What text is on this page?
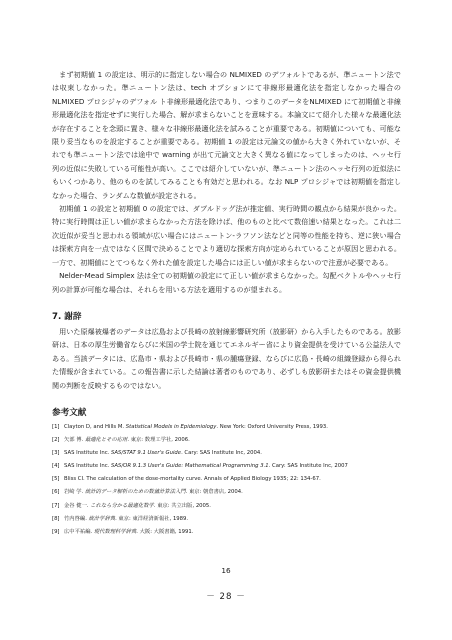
まず初期値 1 の設定は、明示的に指定しない場合の NLMIXED のデフォルトであるが、準ニュートン法では収束しなかった。準ニュートン法は、tech オプションにて非線形最適化法を指定しなかった場合の NLMIXED プロシジャのデフォル ト非線形最適化法であり、つまりこのデータをNLMIXED にて初期値と非線形最適化法を指定せずに実行した場合、解が求まらないことを意味する。本論文にて紹介した様々な最適化法が存在することを念頭に置き、様々な非線形最適化法を試みることが重要である。初期値についても、可能な限り妥当なものを設定することが重要である。初期値 1 の設定は元論文の値から大きく外れていないが、それでも準ニュートン法では途中で warning が出て元論文と大きく異なる値になってしまったのは、ヘッセ行列の近似に失敗している可能性が高い。ここでは紹介していないが、準ニュートン法のヘッセ行列の近似法にもいくつかあり、他のものを試してみることも有効だと思われる。なお NLP プロシジャでは初期値を指定しなかった場合、ランダムな数値が設定される。

初期値 1 の設定と初期値 0 の設定では、ダブルドッグ法が推定値、実行時間の観点から結果が良かった。特に実行時間は正しい値が求まらなかった方法を除けば、他のものと比べて数倍速い結果となった。これは二次近似が妥当と思われる領域が広い場合にはニュートン-ラフソン法などと同等の性能を持ち、逆に狭い場合は探索方向を一点ではなく区間で決めることでより適切な探索方向が定められていることが原因と思われる。一方で、初期値にとてつもなく外れた値を設定した場合には正しい値が求まらないので注意が必要である。

Nelder-Mead Simplex 法は全ての初期値の設定にて正しい値が求まらなかった。勾配ベクトルやヘッセ行列の計算が可能な場合は、それらを用いる方法を適用するのが望まれる。

7. 謝辞

用いた原爆被爆者のデータは広島および長崎の放射線影響研究所（放影研）から入手したものである。放影研は、日本の厚生労働省ならびに米国の学士院を通じてエネルギー省により資金提供を受けている公益法人である。当該データには、広島市・県および長崎市・県の腫瘍登録、ならびに広島・長崎の組織登録から得られた情報が含まれている。この報告書に示した結論は著者のものであり、必ずしも放影研またはその資金提供機関の判断を反映するものではない。

参考文献

[1] Clayton D, and Hills M. Statistical Models in Epidemiology. New York: Oxford University Press, 1993.

[2] 矢部 博. 最適化とその応用. 東京: 数理工学社, 2006.

[3] SAS Institute Inc. SAS/STAT 9.1 User's Guide. Cary: SAS Institute Inc, 2004.

[4] SAS Institute Inc. SAS/OR 9.1.3 User's Guide: Mathematical Programming 3.1. Cary: SAS Institute Inc, 2007

[5] Bliss CI. The calculation of the dose-mortality curve. Annals of Applied Biology 1935; 22: 134-67.

[6] 岩崎 学. 統計的データ解析のための数値計算法入門. 東京: 朝倉書店, 2004.

[7] 金谷 健一. これなら分かる最適化数学. 東京: 共立出版, 2005.

[8] 竹内啓編. 統計学辞典. 東京: 東洋経済新報社, 1989.

[9] 広中平祐編. 現代数理科学辞典. 大阪: 大阪書籍, 1991.

16
－ 28 －
